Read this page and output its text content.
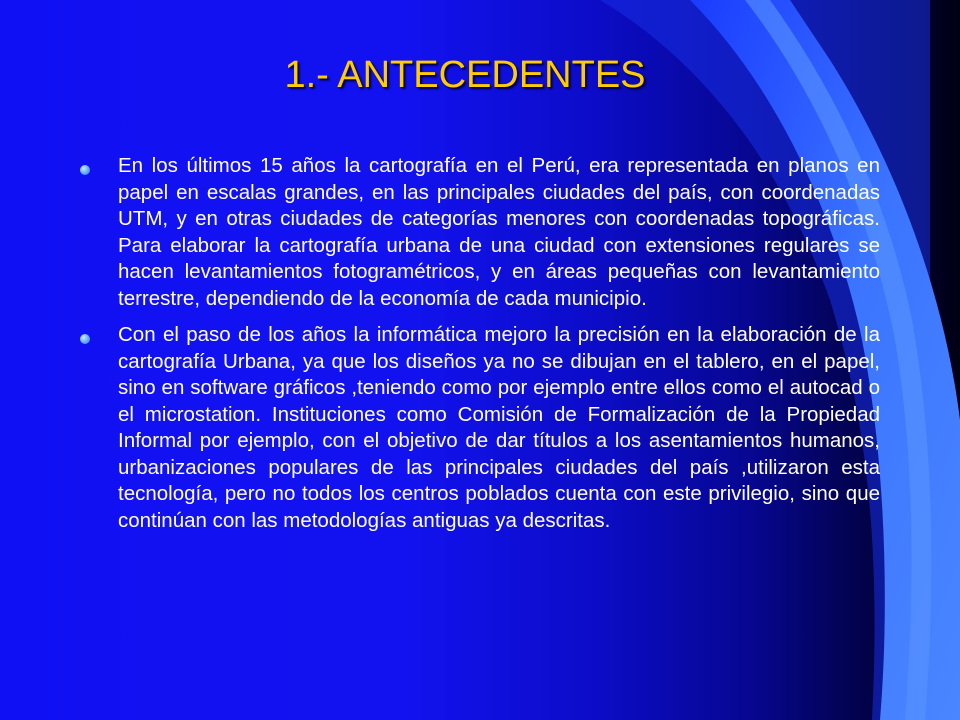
1.- ANTECEDENTES
En los últimos 15 años la cartografía en el Perú, era representada en planos en papel en escalas grandes, en las principales ciudades del país, con coordenadas UTM, y en otras ciudades de categorías menores con coordenadas topográficas. Para elaborar la cartografía urbana de una ciudad con extensiones regulares se hacen levantamientos fotogramétricos, y en áreas pequeñas con levantamiento terrestre, dependiendo de la economía de cada municipio.
Con el paso de los años la informática mejoro la precisión en la elaboración de la cartografía Urbana, ya que los diseños ya no se dibujan en el tablero, en el papel, sino en software gráficos ,teniendo como por ejemplo entre ellos como el autocad o el microstation. Instituciones como Comisión de Formalización de la Propiedad Informal por ejemplo, con el objetivo de dar títulos a los asentamientos humanos, urbanizaciones populares de las principales ciudades del país ,utilizaron esta tecnología, pero no todos los centros poblados cuenta con este privilegio, sino que continúan con las metodologías antiguas ya descritas.
